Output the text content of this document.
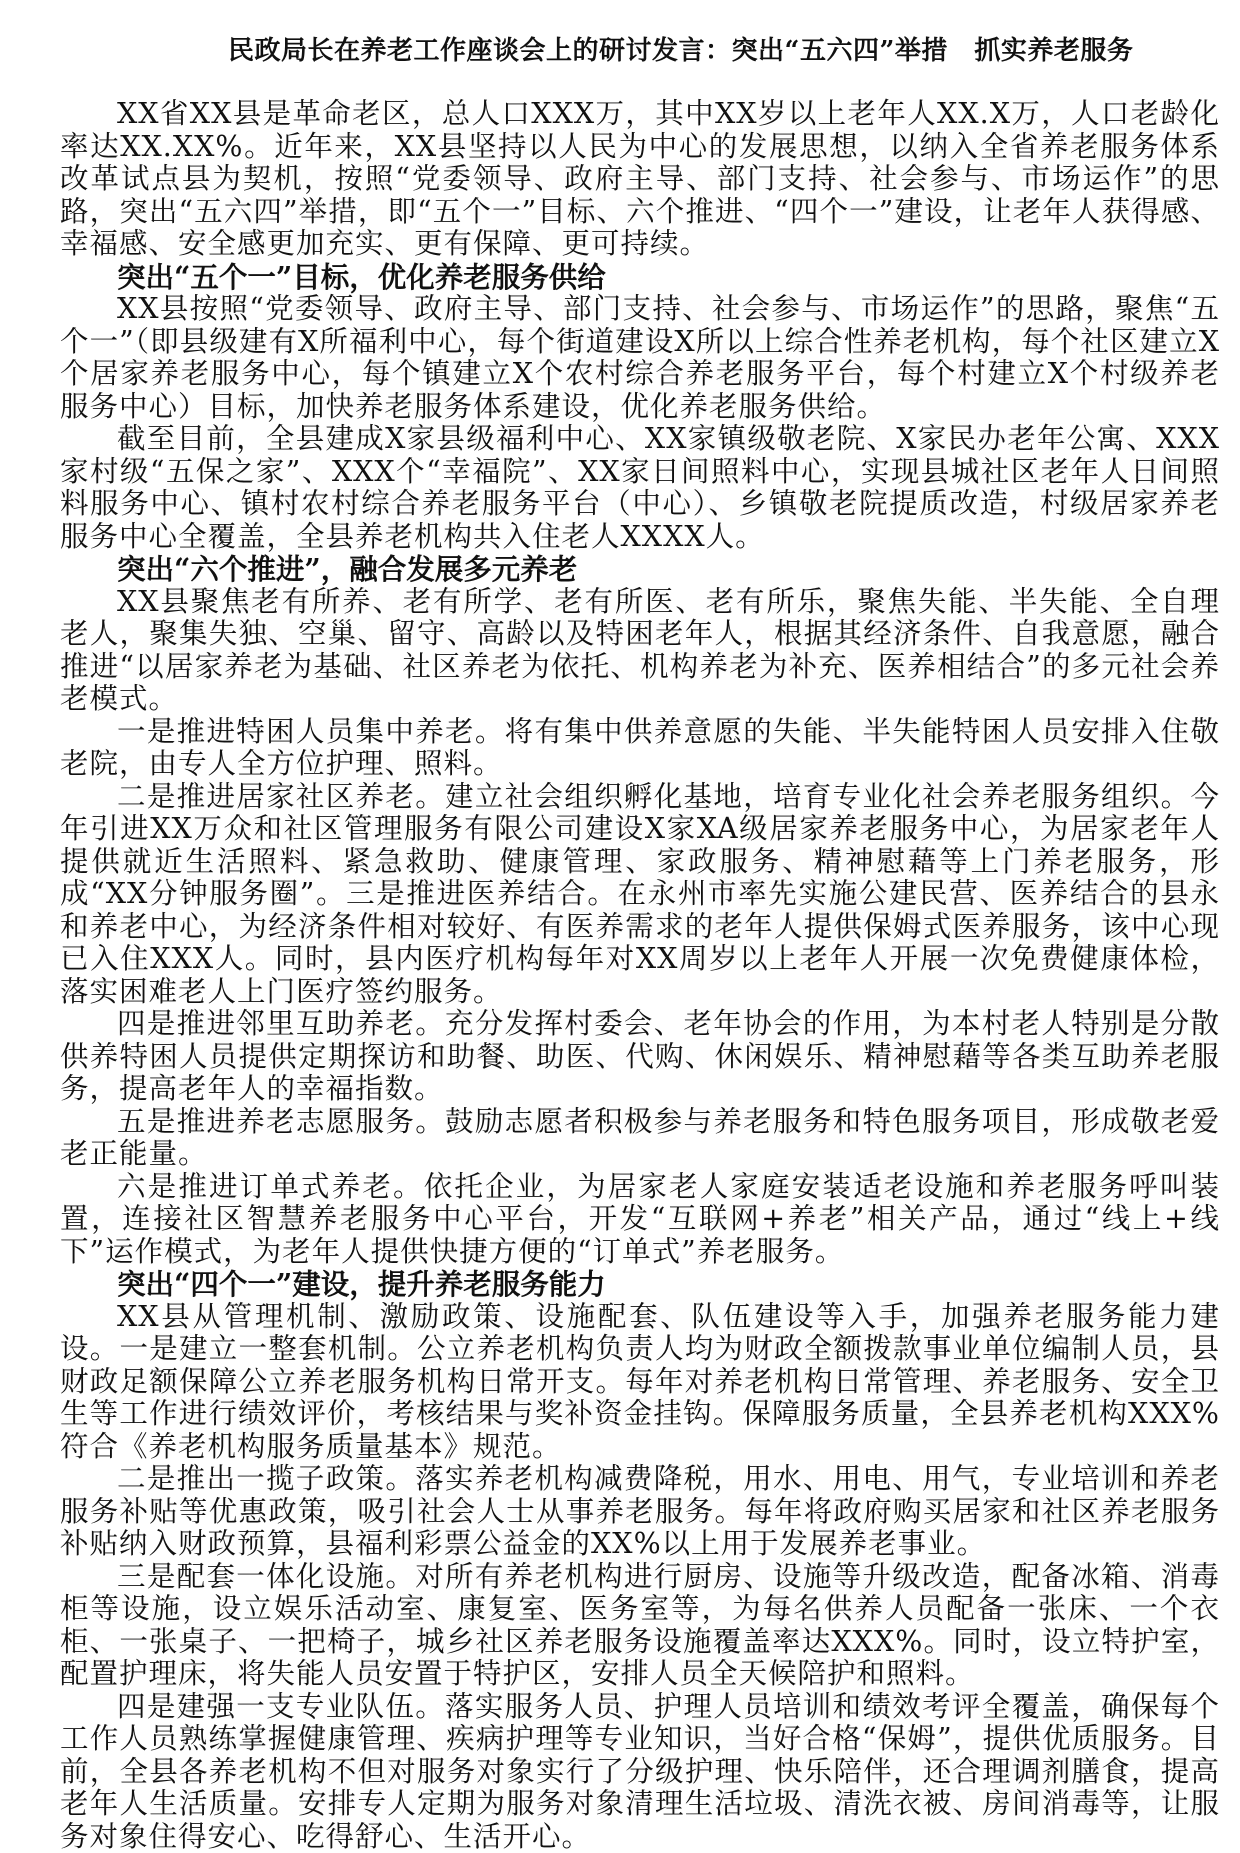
民政局长在养老工作座谈会上的研讨发言：突出“五六四”举措　抓实养老服务

XX省XX县是革命老区，总人口XXX万，其中XX岁以上老年人XX.X万，人口老龄化率达XX.XX%。近年来，XX县坚持以人民为中心的发展思想，以纳入全省养老服务体系改革试点县为契机，按照“党委领导、政府主导、部门支持、社会参与、市场运作”的思路，突出“五六四”举措，即“五个一”目标、六个推进、“四个一”建设，让老年人获得感、幸福感、安全感更加充实、更有保障、更可持续。

突出“五个一”目标，优化养老服务供给

XX县按照“党委领导、政府主导、部门支持、社会参与、市场运作”的思路，聚焦“五个一”（即县级建有X所福利中心，每个街道建设X所以上综合性养老机构，每个社区建立X个居家养老服务中心，每个镇建立X个农村综合养老服务平台，每个村建立X个村级养老服务中心）目标，加快养老服务体系建设，优化养老服务供给。

截至目前，全县建成X家县级福利中心、XX家镇级敬老院、X家民办老年公寓、XXX家村级“五保之家”、XXX个“幸福院”、XX家日间照料中心，实现县城社区老年人日间照料服务中心、镇村农村综合养老服务平台（中心）、乡镇敬老院提质改造，村级居家养老服务中心全覆盖，全县养老机构共入住老人XXXX人。

突出“六个推进”，融合发展多元养老

XX县聚焦老有所养、老有所学、老有所医、老有所乐，聚焦失能、半失能、全自理老人，聚集失独、空巢、留守、高龄以及特困老年人，根据其经济条件、自我意愿，融合推进“以居家养老为基础、社区养老为依托、机构养老为补充、医养相结合”的多元社会养老模式。

一是推进特困人员集中养老。将有集中供养意愿的失能、半失能特困人员安排入住敬老院，由专人全方位护理、照料。

二是推进居家社区养老。建立社会组织孵化基地，培育专业化社会养老服务组织。今年引进XX万众和社区管理服务有限公司建设X家XA级居家养老服务中心，为居家老年人提供就近生活照料、紧急救助、健康管理、家政服务、精神慰藉等上门养老服务，形成“XX分钟服务圈”。三是推进医养结合。在永州市率先实施公建民营、医养结合的县永和养老中心，为经济条件相对较好、有医养需求的老年人提供保姆式医养服务，该中心现已入住XXX人。同时，县内医疗机构每年对XX周岁以上老年人开展一次免费健康体检，落实困难老人上门医疗签约服务。

四是推进邻里互助养老。充分发挥村委会、老年协会的作用，为本村老人特别是分散供养特困人员提供定期探访和助餐、助医、代购、休闲娱乐、精神慰藉等各类互助养老服务，提高老年人的幸福指数。

五是推进养老志愿服务。鼓励志愿者积极参与养老服务和特色服务项目，形成敬老爱老正能量。

六是推进订单式养老。依托企业，为居家老人家庭安装适老设施和养老服务呼叫装置，连接社区智慧养老服务中心平台，开发“互联网+养老”相关产品，通过“线上+线下”运作模式，为老年人提供快捷方便的“订单式”养老服务。

突出“四个一”建设，提升养老服务能力

XX县从管理机制、激励政策、设施配套、队伍建设等入手，加强养老服务能力建设。一是建立一整套机制。公立养老机构负责人均为财政全额拨款事业单位编制人员，县财政足额保障公立养老服务机构日常开支。每年对养老机构日常管理、养老服务、安全卫生等工作进行绩效评价，考核结果与奖补资金挂钩。保障服务质量，全县养老机构XXX%符合《养老机构服务质量基本》规范。

二是推出一揽子政策。落实养老机构减费降税，用水、用电、用气，专业培训和养老服务补贴等优惠政策，吸引社会人士从事养老服务。每年将政府购买居家和社区养老服务补贴纳入财政预算，县福利彩票公益金的XX%以上用于发展养老事业。

三是配套一体化设施。对所有养老机构进行厨房、设施等升级改造，配备冰箱、消毒柜等设施，设立娱乐活动室、康复室、医务室等，为每名供养人员配备一张床、一个衣柜、一张桌子、一把椅子，城乡社区养老服务设施覆盖率达XXX%。同时，设立特护室，配置护理床，将失能人员安置于特护区，安排人员全天候陪护和照料。

四是建强一支专业队伍。落实服务人员、护理人员培训和绩效考评全覆盖，确保每个工作人员熟练掌握健康管理、疾病护理等专业知识，当好合格“保姆”，提供优质服务。目前，全县各养老机构不但对服务对象实行了分级护理、快乐陪伴，还合理调剂膳食，提高老年人生活质量。安排专人定期为服务对象清理生活垃圾、清洗衣被、房间消毒等，让服务对象住得安心、吃得舒心、生活开心。
